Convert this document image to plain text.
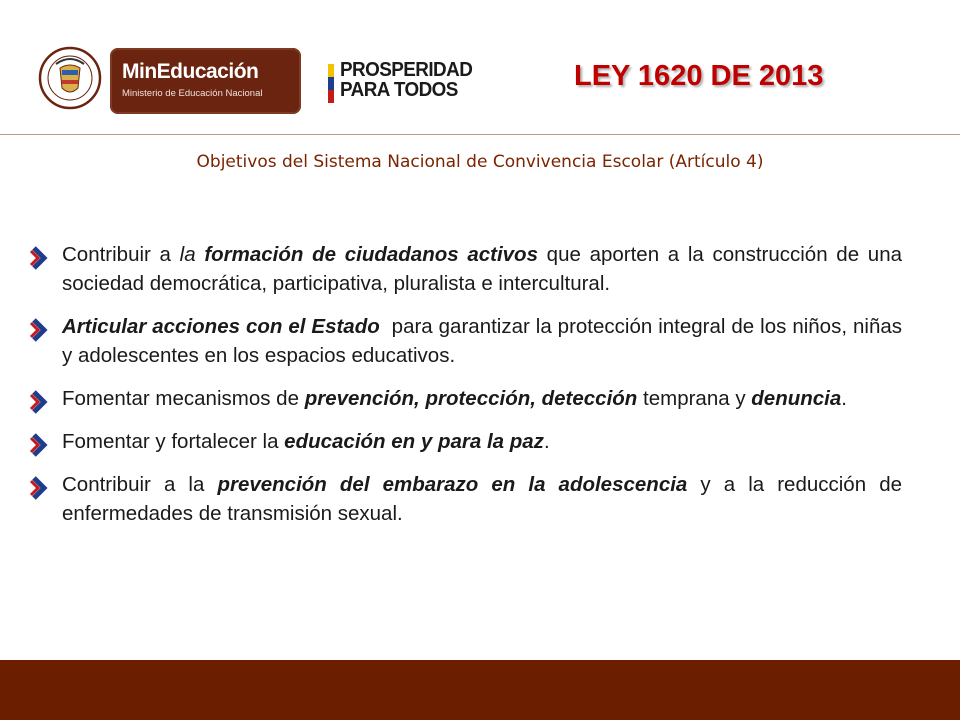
MinEducación
Ministerio de Educación Nacional
PROSPERIDAD
PARA TODOS	LEY 1620 DE 2013
Objetivos del Sistema Nacional de Convivencia Escolar (Artículo 4)
Contribuir a la formación de ciudadanos activos que aporten a la construcción de una sociedad democrática, participativa, pluralista e intercultural.
Articular acciones con el Estado  para garantizar la protección integral de los niños, niñas y adolescentes en los espacios educativos.
Fomentar mecanismos de prevención, protección, detección temprana y denuncia.
Fomentar y fortalecer la educación en y para la paz.
Contribuir a la prevención del embarazo en la adolescencia y a la reducción de enfermedades de transmisión sexual.
